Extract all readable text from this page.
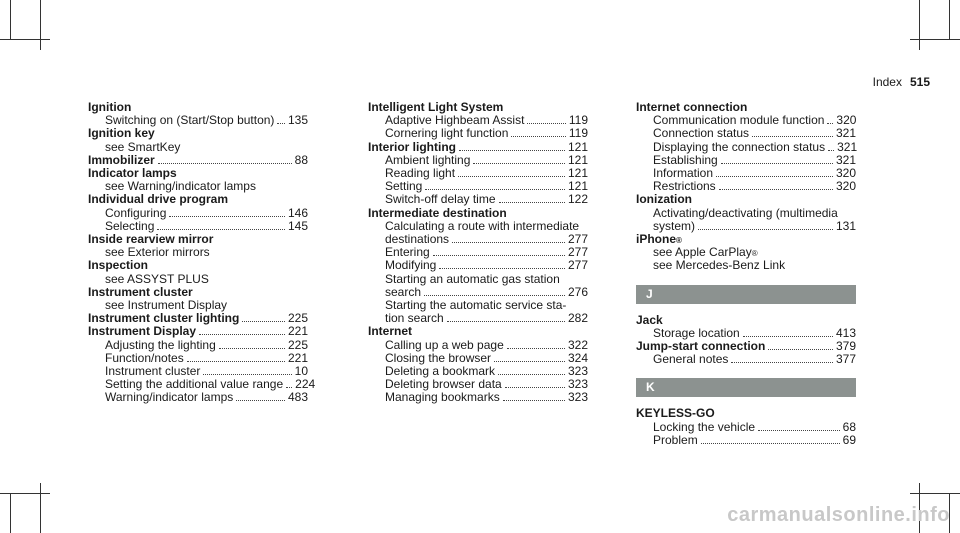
Index 515
Ignition
Switching on (Start/Stop button) 135
Ignition key
see SmartKey
Immobilizer	88
Indicator lamps
see Warning/indicator lamps
Individual drive program
Configuring	146
Selecting	145
Inside rearview mirror
see Exterior mirrors
Inspection
see ASSYST PLUS
Instrument cluster
see Instrument Display
Instrument cluster lighting	225
Instrument Display	221
Adjusting the lighting	225
Function/notes	221
Instrument cluster	10
Setting the additional value range 224
Warning/indicator lamps	483
Intelligent Light System
Adaptive Highbeam Assist	119
Cornering light function	119
Interior lighting	121
Ambient lighting	121
Reading light	121
Setting	121
Switch-off delay time	122
Intermediate destination
Calculating a route with intermediate
destinations	277
Entering	277
Modifying	277
Starting an automatic gas station
search	276
Starting the automatic service sta-
tion search	282
Internet
Calling up a web page	322
Closing the browser	324
Deleting a bookmark	323
Deleting browser data	323
Managing bookmarks	323
Internet connection
Communication module function 320
Connection status	321
Displaying the connection status 321
Establishing	321
Information	320
Restrictions	320
Ionization
Activating/deactivating (multimedia
system)	131
iPhone ®
see Apple CarPlay ®
see Mercedes-Benz Link
J
Jack
Storage location	413
Jump-start connection	379
General notes	377
K
KEYLESS-GO
Locking the vehicle	68
Problem	69
carmanualsonline.info
